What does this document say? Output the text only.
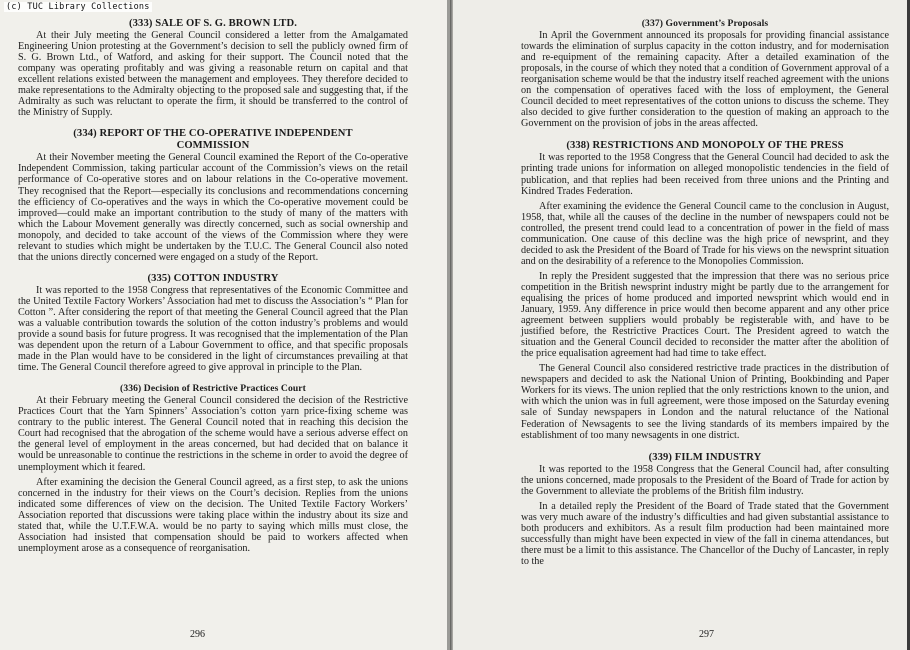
(333) SALE OF S. G. BROWN LTD.

At their July meeting the General Council considered a letter from the Amalgamated Engineering Union protesting at the Government’s decision to sell the publicly owned firm of S. G. Brown Ltd., of Watford, and asking for their support. The Council noted that the company was operating profitably and was giving a reasonable return on capital and that excellent relations existed between the management and employees. They therefore decided to make representations to the Admiralty objecting to the proposed sale and suggesting that, if the Admiralty as such was reluctant to operate the firm, it should be transferred to the control of the Ministry of Supply.

(334) REPORT OF THE CO-OPERATIVE INDEPENDENT COMMISSION

At their November meeting the General Council examined the Report of the Co-operative Independent Commission, taking particular account of the Commission’s views on the retail performance of Co-operative stores and on labour relations in the Co-operative movement. They recognised that the Report—especially its conclusions and recommendations concerning the efficiency of Co-operatives and the ways in which the Co-operative movement could be improved—could make an important contribution to the study of many of the matters with which the Labour Movement generally was directly concerned, such as social ownership and monopoly, and decided to take account of the views of the Commission where they were relevant to studies which might be undertaken by the T.U.C. The General Council also noted that the unions directly concerned were engaged on a study of the Report.

(335) COTTON INDUSTRY

It was reported to the 1958 Congress that representatives of the Economic Committee and the United Textile Factory Workers’ Association had met to discuss the Association’s “ Plan for Cotton ”. After considering the report of that meeting the General Council agreed that the Plan was a valuable contribution towards the solution of the cotton industry’s problems and would provide a sound basis for future progress. It was recognised that the implementation of the Plan was dependent upon the return of a Labour Government to office, and that specific proposals made in the Plan would have to be considered in the light of circumstances prevailing at that time. The General Council therefore agreed to give approval in principle to the Plan.

(336) Decision of Restrictive Practices Court

At their February meeting the General Council considered the decision of the Restrictive Practices Court that the Yarn Spinners’ Association’s cotton yarn price-fixing scheme was contrary to the public interest. The General Council noted that in reaching this decision the Court had recognised that the abrogation of the scheme would have a serious adverse effect on the general level of employment in the areas concerned, but had decided that on balance it would be unreasonable to continue the restrictions in the scheme in order to avoid the degree of unemployment which it feared.

After examining the decision the General Council agreed, as a first step, to ask the unions concerned in the industry for their views on the Court’s decision. Replies from the unions indicated some differences of view on the decision. The United Textile Factory Workers’ Association reported that discussions were taking place within the industry about its size and stated that, while the U.T.F.W.A. would be no party to saying which mills must close, the Association had insisted that compensation should be paid to workers affected when unemployment arose as a consequence of reorganisation.

296
(337) Government’s Proposals

In April the Government announced its proposals for providing financial assistance towards the elimination of surplus capacity in the cotton industry, and for modernisation and re-equipment of the remaining capacity. After a detailed examination of the proposals, in the course of which they noted that a condition of Government approval of a reorganisation scheme would be that the industry itself reached agreement with the unions on the compensation of operatives faced with the loss of employment, the General Council decided to meet representatives of the cotton unions to discuss the scheme. They also decided to give further consideration to the question of making an approach to the Government on the provision of jobs in the areas affected.

(338) RESTRICTIONS AND MONOPOLY OF THE PRESS

It was reported to the 1958 Congress that the General Council had decided to ask the printing trade unions for information on alleged monopolistic tendencies in the field of publication, and that replies had been received from three unions and the Printing and Kindred Trades Federation.

After examining the evidence the General Council came to the conclusion in August, 1958, that, while all the causes of the decline in the number of newspapers could not be controlled, the present trend could lead to a concentration of power in the field of mass communication. One cause of this decline was the high price of newsprint, and they decided to ask the President of the Board of Trade for his views on the newsprint situation and on the desirability of a reference to the Monopolies Commission.

In reply the President suggested that the impression that there was no serious price competition in the British newsprint industry might be partly due to the arrangement for equalising the prices of home produced and imported newsprint which would end in January, 1959. Any difference in price would then become apparent and any other price agreement between suppliers would probably be registerable with, and have to be justified before, the Restrictive Practices Court. The President agreed to watch the situation and the General Council decided to reconsider the matter after the abolition of the price equalisation agreement had had time to take effect.

The General Council also considered restrictive trade practices in the distribution of newspapers and decided to ask the National Union of Printing, Bookbinding and Paper Workers for its views. The union replied that the only restrictions known to the union, and with which the union was in full agreement, were those imposed on the Saturday evening sale of Sunday newspapers in London and the natural reluctance of the National Federation of Newsagents to see the living standards of its members impaired by the establishment of too many newsagents in one district.

(339) FILM INDUSTRY

It was reported to the 1958 Congress that the General Council had, after consulting the unions concerned, made proposals to the President of the Board of Trade for action by the Government to alleviate the problems of the British film industry.

In a detailed reply the President of the Board of Trade stated that the Government was very much aware of the industry’s difficulties and had given substantial assistance to both producers and exhibitors. As a result film production had been maintained more successfully than might have been expected in view of the fall in cinema attendances, but there must be a limit to this assistance. The Chancellor of the Duchy of Lancaster, in reply to the

297
(c) TUC Library Collections
